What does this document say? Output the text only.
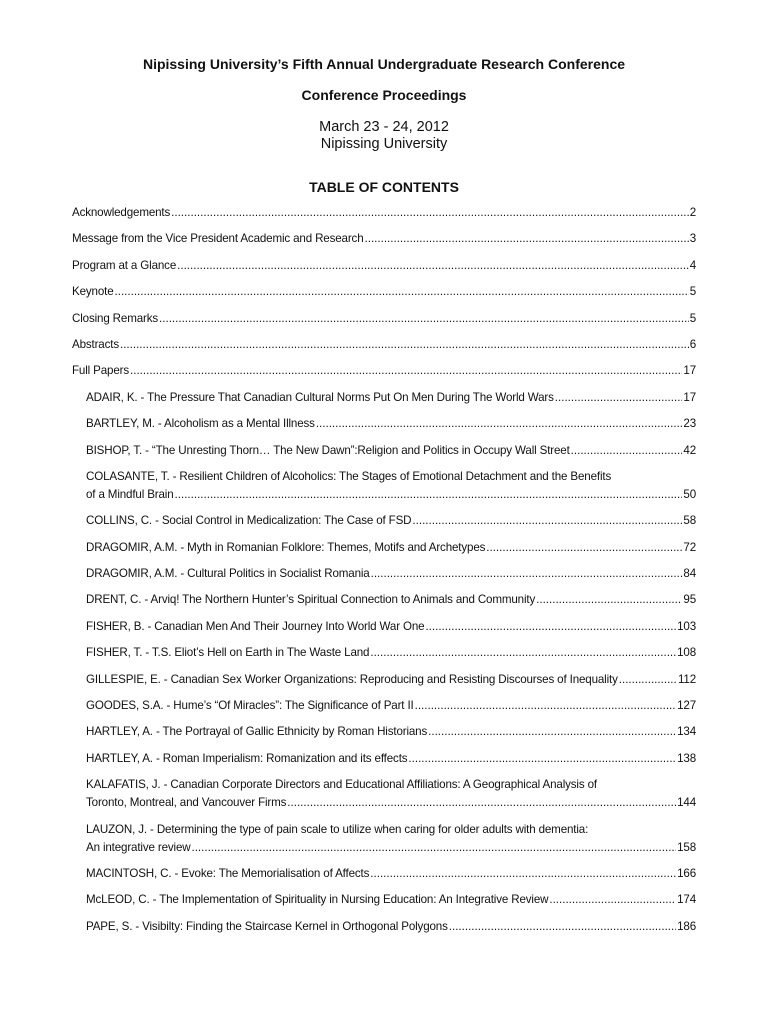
Nipissing University’s Fifth Annual Undergraduate Research Conference
Conference Proceedings
March 23 - 24, 2012
Nipissing University
TABLE OF CONTENTS
Acknowledgements .....	2
Message from the Vice President Academic and Research .....	3
Program at a Glance .....	4
Keynote .....	5
Closing Remarks .....	5
Abstracts .....	6
Full Papers .....	17
ADAIR, K. - The Pressure That Canadian Cultural Norms Put On Men During The World Wars .....	17
BARTLEY, M. - Alcoholism as a Mental Illness .....	23
BISHOP, T. - “The Unresting Thorn… The New Dawn”:Religion and Politics in Occupy Wall Street .....	42
COLASANTE, T. - Resilient Children of Alcoholics: The Stages of Emotional Detachment and the Benefits
of a Mindful Brain .....	50
COLLINS, C. - Social Control in Medicalization: The Case of FSD .....	58
DRAGOMIR, A.M. - Myth in Romanian Folklore: Themes, Motifs and Archetypes .....	72
DRAGOMIR, A.M. - Cultural Politics in Socialist Romania .....	84
DRENT, C. - Arviq! The Northern Hunter’s Spiritual Connection to Animals and Community .....	95
FISHER, B. - Canadian Men And Their Journey Into World War One .....	103
FISHER, T. - T.S. Eliot’s Hell on Earth in The Waste Land .....	108
GILLESPIE, E. - Canadian Sex Worker Organizations: Reproducing and Resisting Discourses of Inequality .....	112
GOODES, S.A. - Hume’s “Of Miracles”: The Significance of Part II .....	127
HARTLEY, A. - The Portrayal of Gallic Ethnicity by Roman Historians .....	134
HARTLEY, A. - Roman Imperialism: Romanization and its effects .....	138
KALAFATIS, J. - Canadian Corporate Directors and Educational Affiliations: A Geographical Analysis of
Toronto, Montreal, and Vancouver Firms .....	144
LAUZON, J. - Determining the type of pain scale to utilize when caring for older adults with dementia:
An integrative review .....	158
MACINTOSH, C. - Evoke: The Memorialisation of Affects .....	166
McLEOD, C. - The Implementation of Spirituality in Nursing Education: An Integrative Review .....	174
PAPE, S. - Visibilty: Finding the Staircase Kernel in Orthogonal Polygons .....	186
